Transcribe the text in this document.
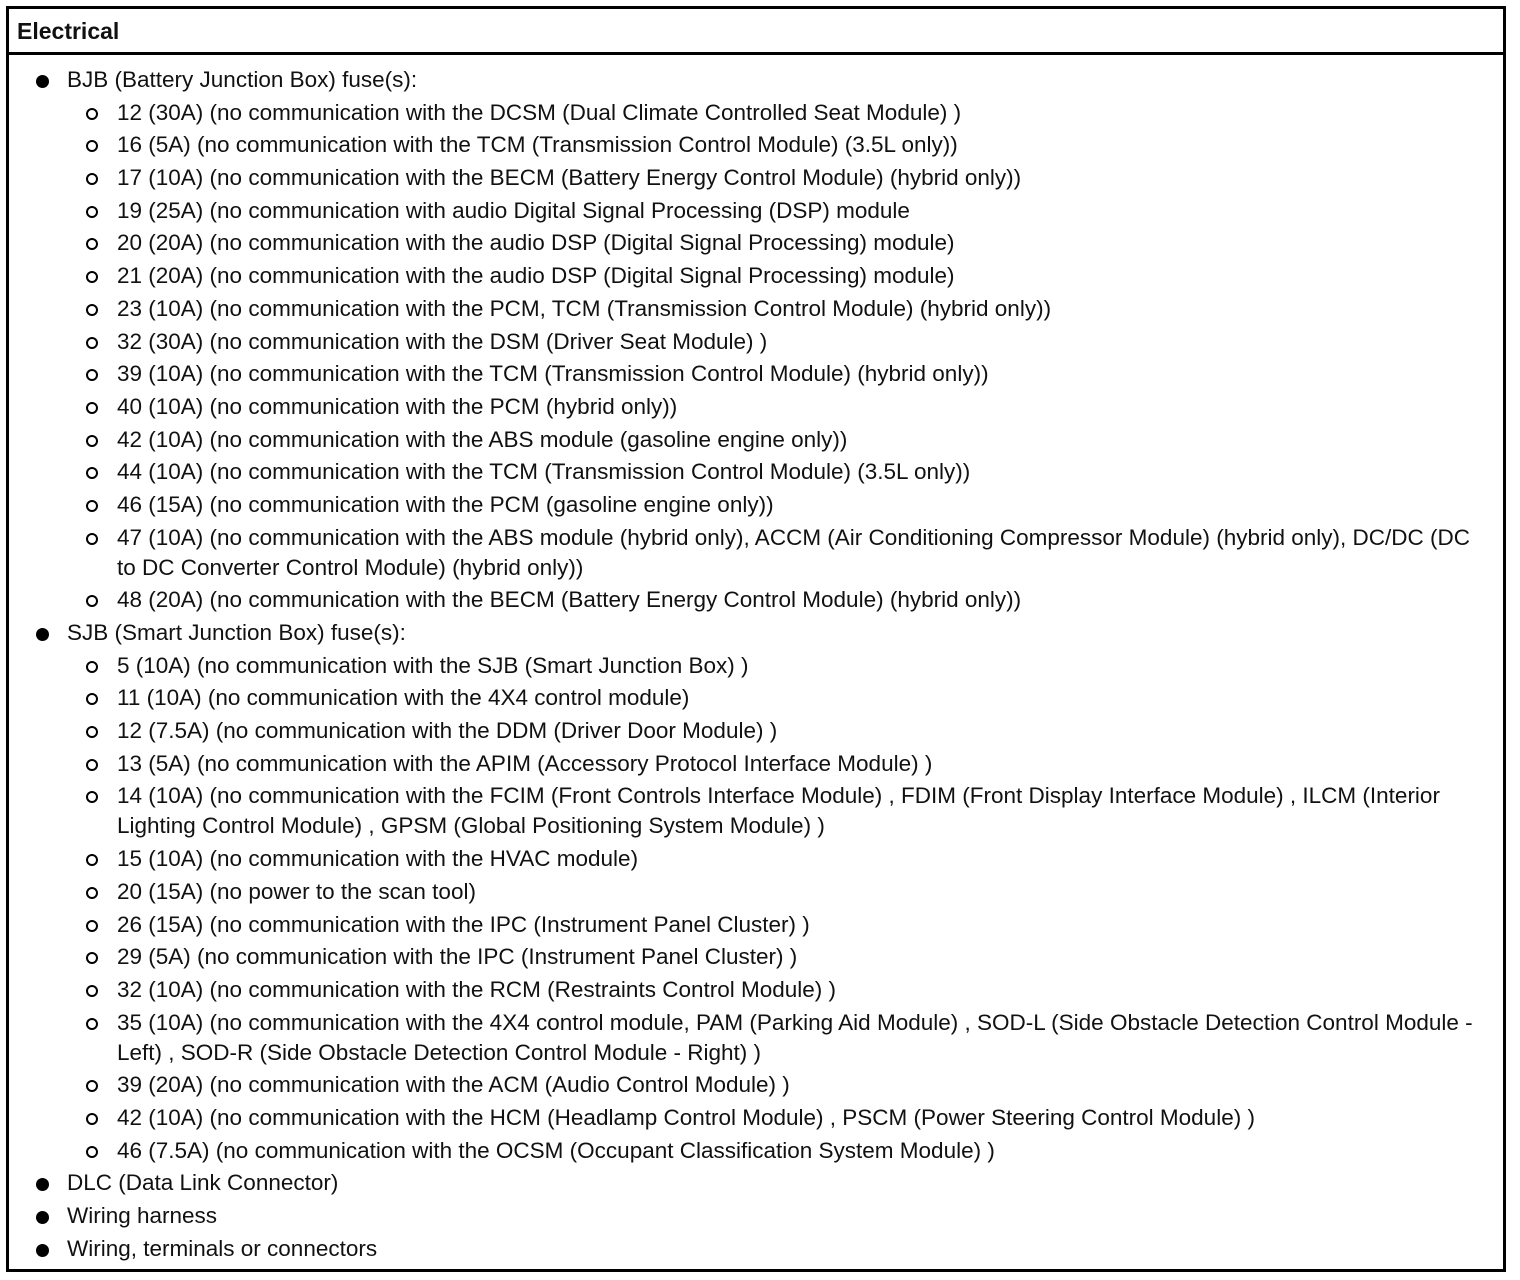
Electrical
BJB (Battery Junction Box) fuse(s):
12 (30A) (no communication with the DCSM (Dual Climate Controlled Seat Module) )
16 (5A) (no communication with the TCM (Transmission Control Module) (3.5L only))
17 (10A) (no communication with the BECM (Battery Energy Control Module) (hybrid only))
19 (25A) (no communication with audio Digital Signal Processing (DSP) module
20 (20A) (no communication with the audio DSP (Digital Signal Processing) module)
21 (20A) (no communication with the audio DSP (Digital Signal Processing) module)
23 (10A) (no communication with the PCM, TCM (Transmission Control Module) (hybrid only))
32 (30A) (no communication with the DSM (Driver Seat Module) )
39 (10A) (no communication with the TCM (Transmission Control Module) (hybrid only))
40 (10A) (no communication with the PCM (hybrid only))
42 (10A) (no communication with the ABS module (gasoline engine only))
44 (10A) (no communication with the TCM (Transmission Control Module) (3.5L only))
46 (15A) (no communication with the PCM (gasoline engine only))
47 (10A) (no communication with the ABS module (hybrid only), ACCM (Air Conditioning Compressor Module) (hybrid only), DC/DC (DC to DC Converter Control Module) (hybrid only))
48 (20A) (no communication with the BECM (Battery Energy Control Module) (hybrid only))
SJB (Smart Junction Box) fuse(s):
5 (10A) (no communication with the SJB (Smart Junction Box) )
11 (10A) (no communication with the 4X4 control module)
12 (7.5A) (no communication with the DDM (Driver Door Module) )
13 (5A) (no communication with the APIM (Accessory Protocol Interface Module) )
14 (10A) (no communication with the FCIM (Front Controls Interface Module) , FDIM (Front Display Interface Module) , ILCM (Interior Lighting Control Module) , GPSM (Global Positioning System Module) )
15 (10A) (no communication with the HVAC module)
20 (15A) (no power to the scan tool)
26 (15A) (no communication with the IPC (Instrument Panel Cluster) )
29 (5A) (no communication with the IPC (Instrument Panel Cluster) )
32 (10A) (no communication with the RCM (Restraints Control Module) )
35 (10A) (no communication with the 4X4 control module, PAM (Parking Aid Module) , SOD-L (Side Obstacle Detection Control Module - Left) , SOD-R (Side Obstacle Detection Control Module - Right) )
39 (20A) (no communication with the ACM (Audio Control Module) )
42 (10A) (no communication with the HCM (Headlamp Control Module) , PSCM (Power Steering Control Module) )
46 (7.5A) (no communication with the OCSM (Occupant Classification System Module) )
DLC (Data Link Connector)
Wiring harness
Wiring, terminals or connectors
